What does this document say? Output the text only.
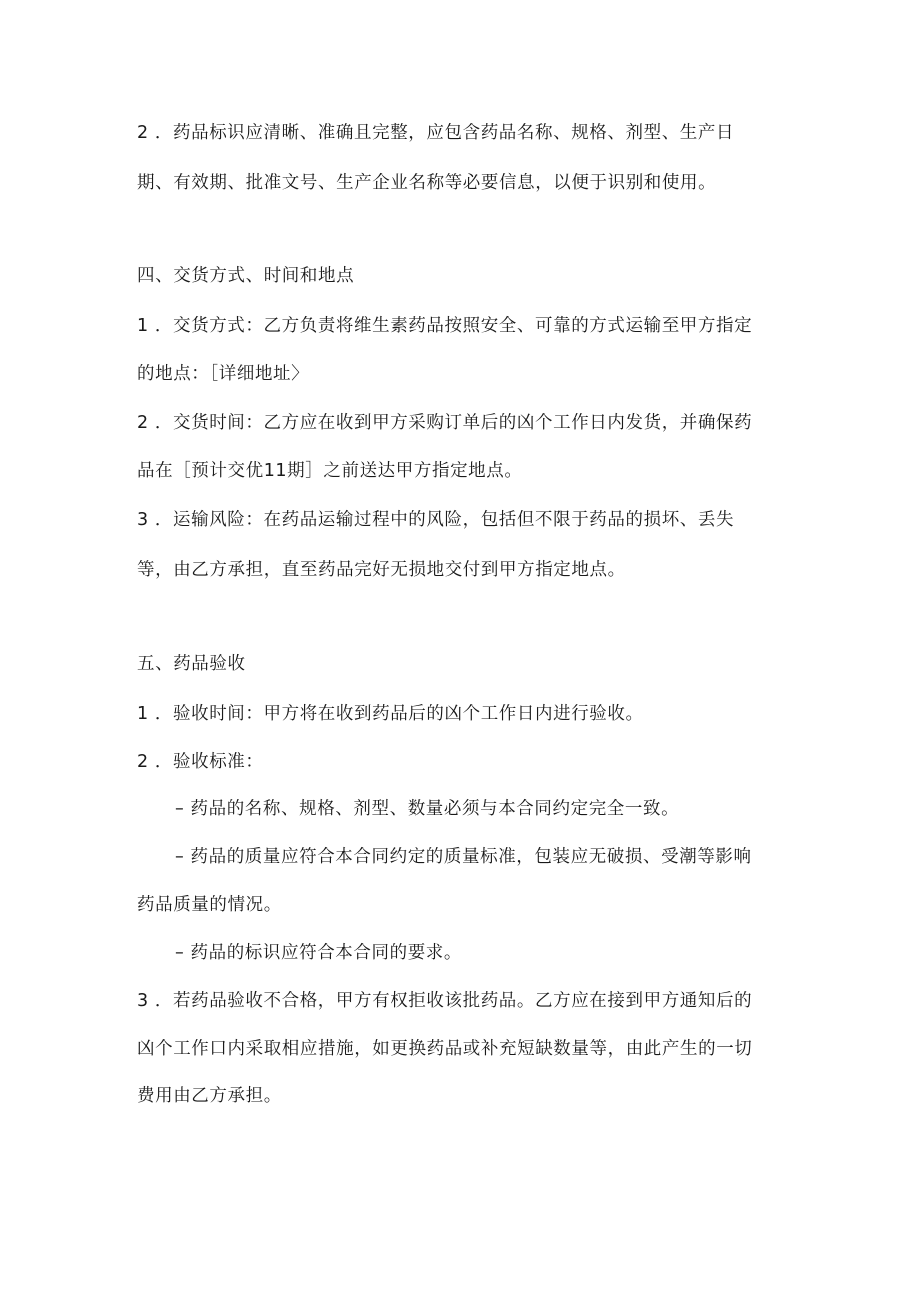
2 ．药品标识应清晰、准确且完整，应包含药品名称、规格、剂型、生产日
期、有效期、批准文号、生产企业名称等必要信息，以便于识别和使用。
四、交货方式、时间和地点
1 ．交货方式：乙方负责将维生素药品按照安全、可靠的方式运输至甲方指定
的地点：［详细地址〉
2 ．交货时间：乙方应在收到甲方采购订单后的凶个工作日内发货，并确保药
品在［预计交优11期］之前送达甲方指定地点。
3 ．运输风险：在药品运输过程中的风险，包括但不限于药品的损坏、丢失
等，由乙方承担，直至药品完好无损地交付到甲方指定地点。
五、药品验收
1 ．验收时间：甲方将在收到药品后的凶个工作日内进行验收。
2 ．验收标准：
– 药品的名称、规格、剂型、数量必须与本合同约定完全一致。
– 药品的质量应符合本合同约定的质量标准，包装应无破损、受潮等影响
药品质量的情况。
– 药品的标识应符合本合同的要求。
3 ．若药品验收不合格，甲方有权拒收该批药品。乙方应在接到甲方通知后的
凶个工作口内采取相应措施，如更换药品或补充短缺数量等，由此产生的一切
费用由乙方承担。
